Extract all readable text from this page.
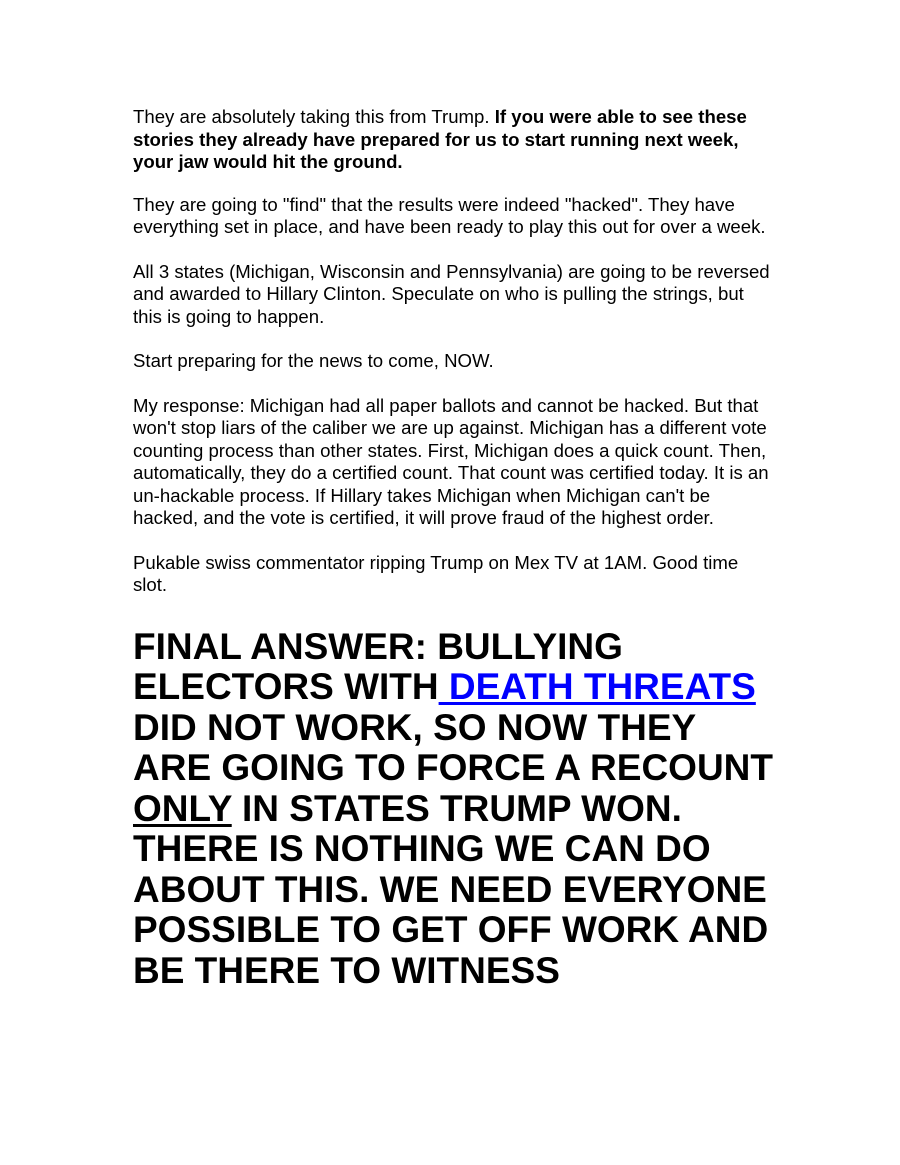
They are absolutely taking this from Trump. If you were able to see these stories they already have prepared for us to start running next week, your jaw would hit the ground.

They are going to "find" that the results were indeed "hacked". They have everything set in place, and have been ready to play this out for over a week.

All 3 states (Michigan, Wisconsin and Pennsylvania) are going to be reversed and awarded to Hillary Clinton. Speculate on who is pulling the strings, but this is going to happen.

Start preparing for the news to come, NOW.

My response: Michigan had all paper ballots and cannot be hacked. But that won't stop liars of the caliber we are up against. Michigan has a different vote counting process than other states. First, Michigan does a quick count. Then, automatically, they do a certified count. That count was certified today. It is an un-hackable process. If Hillary takes Michigan when Michigan can't be hacked, and the vote is certified, it will prove fraud of the highest order.

Pukable swiss commentator ripping Trump on Mex TV at 1AM. Good time slot.

FINAL ANSWER: BULLYING ELECTORS WITH DEATH THREATS DID NOT WORK, SO NOW THEY ARE GOING TO FORCE A RECOUNT ONLY IN STATES TRUMP WON. THERE IS NOTHING WE CAN DO ABOUT THIS. WE NEED EVERYONE POSSIBLE TO GET OFF WORK AND BE THERE TO WITNESS
